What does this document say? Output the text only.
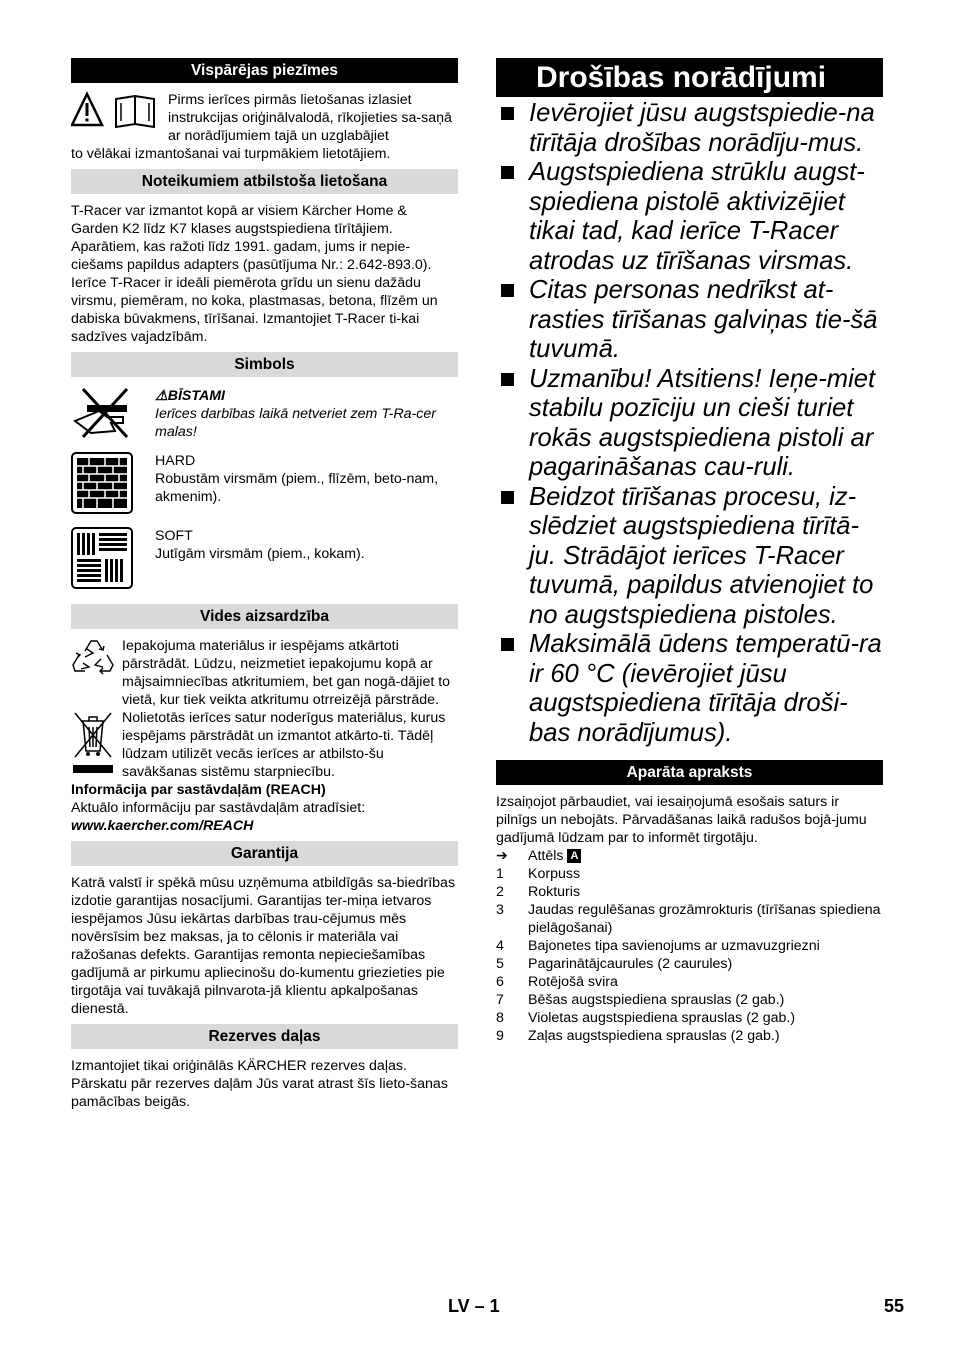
Vispārējas piezīmes

Pirms ierīces pirmās lietošanas izlasiet instrukcijas oriģinālvalodā, rīkojieties sa-saņā ar norādījumiem tajā un uzglabājiet

to vēlākai izmantošanai vai turpmākiem lietotājiem.

Noteikumiem atbilstoša lietošana

T-Racer var izmantot kopā ar visiem Kärcher Home & Garden K2 līdz K7 klases augstspiediena tīrītājiem. Aparātiem, kas ražoti līdz 1991. gadam, jums ir nepie-ciešams papildus adapters (pasūtījuma Nr.: 2.642-893.0).

Ierīce T-Racer ir ideāli piemērota grīdu un sienu dažādu virsmu, piemēram, no koka, plastmasas, betona, flīzēm un dabiska būvakmens, tīrīšanai. Izmantojiet T-Racer ti-kai sadzīves vajadzībām.

Simbols

⚠BĪSTAMI

Ierīces darbības laikā netveriet zem T-Ra-cer malas!

HARD

Robustām virsmām (piem., flīzēm, beto-nam, akmenim).

SOFT

Jutīgām virsmām (piem., kokam).

Vides aizsardzība

Iepakojuma materiālus ir iespējams atkārtoti pārstrādāt. Lūdzu, neizmetiet iepakojumu kopā ar mājsaimniecības atkritumiem, bet gan nogā-dājiet to vietā, kur tiek veikta atkritumu otrreizējā pārstrāde.

Nolietotās ierīces satur noderīgus materiālus, kurus iespējams pārstrādāt un izmantot atkārto-ti. Tādēļ lūdzam utilizēt vecās ierīces ar atbilsto-šu savākšanas sistēmu starpniecību.

Informācija par sastāvdaļām (REACH)

Aktuālo informāciju par sastāvdaļām atradīsiet:

www.kaercher.com/REACH

Garantija

Katrā valstī ir spēkā mūsu uzņēmuma atbildīgās sa-biedrības izdotie garantijas nosacījumi. Garantijas ter-miņa ietvaros iespējamos Jūsu iekārtas darbības trau-cējumus mēs novērsīsim bez maksas, ja to cēlonis ir materiāla vai ražošanas defekts. Garantijas remonta nepieciešamības gadījumā ar pirkumu apliecinošu do-kumentu griezieties pie tirgotāja vai tuvākajā pilnvarota-jā klientu apkalpošanas dienestā.

Rezerves daļas

Izmantojiet tikai oriģinālās KÄRCHER rezerves daļas. Pārskatu pār rezerves daļām Jūs varat atrast šīs lieto-šanas pamācības beigās.

Drošības norādījumi
Ievērojiet jūsu augstspiedie-na tīrītāja drošības norādīju-mus.
Augstspiediena strūklu augst-spiediena pistolē aktivizējiet tikai tad, kad ierīce T-Racer atrodas uz tīrīšanas virsmas.
Citas personas nedrīkst at-rasties tīrīšanas galviņas tie-šā tuvumā.
Uzmanību! Atsitiens! Ieņe-miet stabilu pozīciju un cieši turiet rokās augstspiediena pistoli ar pagarināšanas cau-ruli.
Beidzot tīrīšanas procesu, iz-slēdziet augstspiediena tīrītā-ju. Strādājot ierīces T-Racer tuvumā, papildus atvienojiet to no augstspiediena pistoles.
Maksimālā ūdens temperatū-ra ir 60 °C (ievērojiet jūsu augstspiediena tīrītāja droši-bas norādījumus).
Aparāta apraksts

Izsaiņojot pārbaudiet, vai iesaiņojumā esošais saturs ir pilnīgs un nebojāts. Pārvadāšanas laikā radušos bojā-jumu gadījumā lūdzam par to informēt tirgotāju.

➔ Attēls A

1 Korpuss
2 Rokturis
3 Jaudas regulēšanas grozāmrokturis (tīrīšanas spiediena pielāgošanai)
4 Bajonetes tipa savienojums ar uzmavuzgriezni
5 Pagarinātājcaurules (2 caurules)
6 Rotējošā svira
7 Bēšas augstspiediena sprauslas (2 gab.)
8 Violetas augstspiediena sprauslas (2 gab.)
9 Zaļas augstspiediena sprauslas (2 gab.)
LV – 1	55
